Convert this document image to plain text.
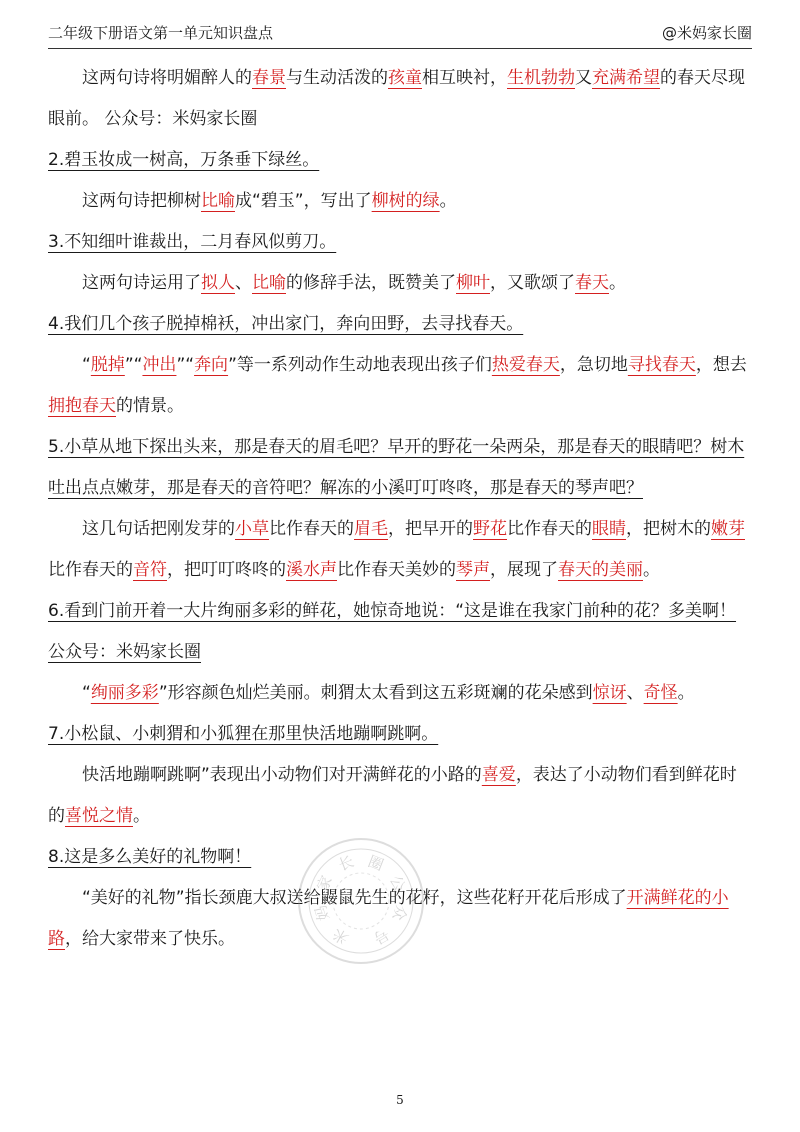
二年级下册语文第一单元知识盘点	@米妈家长圈

这两句诗将明媚醉人的春景与生动活泼的孩童相互映衬，生机勃勃又充满希望的春天尽现眼前。 公众号：米妈家长圈

2.碧玉妆成一树高，万条垂下绿丝。

这两句诗把柳树比喻成“碧玉”，写出了柳树的绿。

3.不知细叶谁裁出，二月春风似剪刀。

这两句诗运用了拟人、比喻的修辞手法，既赞美了柳叶，又歌颂了春天。

4.我们几个孩子脱掉棉袄，冲出家门，奔向田野，去寻找春天。

“脱掉”“冲出”“奔向”等一系列动作生动地表现出孩子们热爱春天，急切地寻找春天，想去拥抱春天的情景。

5.小草从地下探出头来，那是春天的眉毛吧？早开的野花一朵两朵，那是春天的眼睛吧？树木吐出点点嫩芽，那是春天的音符吧？解冻的小溪叮叮咚咚，那是春天的琴声吧？

这几句话把刚发芽的小草比作春天的眉毛，把早开的野花比作春天的眼睛，把树木的嫩芽比作春天的音符，把叮叮咚咚的溪水声比作春天美妙的琴声，展现了春天的美丽。

6.看到门前开着一大片绚丽多彩的鲜花，她惊奇地说：“这是谁在我家门前种的花？多美啊！公众号：米妈家长圈

“绚丽多彩”形容颜色灿烂美丽。刺猬太太看到这五彩斑斓的花朵感到惊讶、奇怪。

7.小松鼠、小刺猬和小狐狸在那里快活地蹦啊跳啊。

快活地蹦啊跳啊”表现出小动物们对开满鲜花的小路的喜爱，表达了小动物们看到鲜花时的喜悦之情。

8.这是多么美好的礼物啊！

“美好的礼物”指长颈鹿大叔送给鼹鼠先生的花籽，这些花籽开花后形成了开满鲜花的小路，给大家带来了快乐。	米
妈
家
长 圈
公
众
号
5
